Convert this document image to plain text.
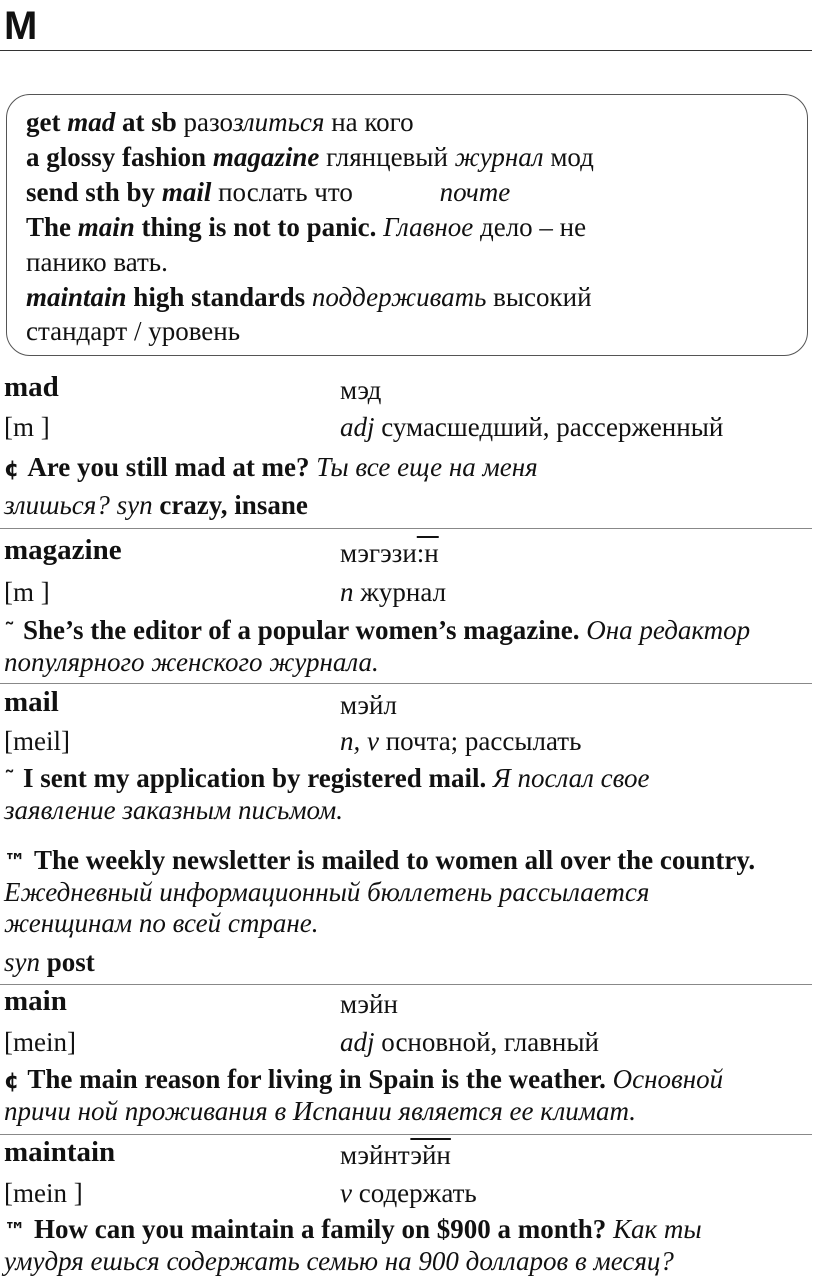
M
get mad at sb разозлиться на кого
a glossy fashion magazine глянцевый журнал мод
send sth by mail послать что	почте
The main thing is not to panic. Главное дело – не
панико вать.
maintain high standards поддерживать высокий
стандарт / уровень
mad	мэд
[m ]	adj сумасшедший, рассерженный
¢ Are you still mad at me? Ты все еще на меня
злишься? syn crazy, insane
magazine	мэгэзи:н
[m ]	n журнал
˜ She’s the editor of a popular women’s magazine. Она редактор
популярного женского журнала.
mail	мэйл
[meil]	n, v почта; рассылать
˜ I sent my application by registered mail. Я послал свое
заявление заказным письмом.
™ The weekly newsletter is mailed to women all over the country.
Ежедневный информационный бюллетень рассылается
женщинам по всей стране.
syn post
main	мэйн
[mein]	adj основной, главный
¢ The main reason for living in Spain is the weather. Основной
причи ной проживания в Испании является ее климат.
maintain	мэйнтэйн
[mein ]	v содержать
™ How can you maintain a family on $900 a month? Как ты
умудря ешься содержать семью на 900 долларов в месяц?
